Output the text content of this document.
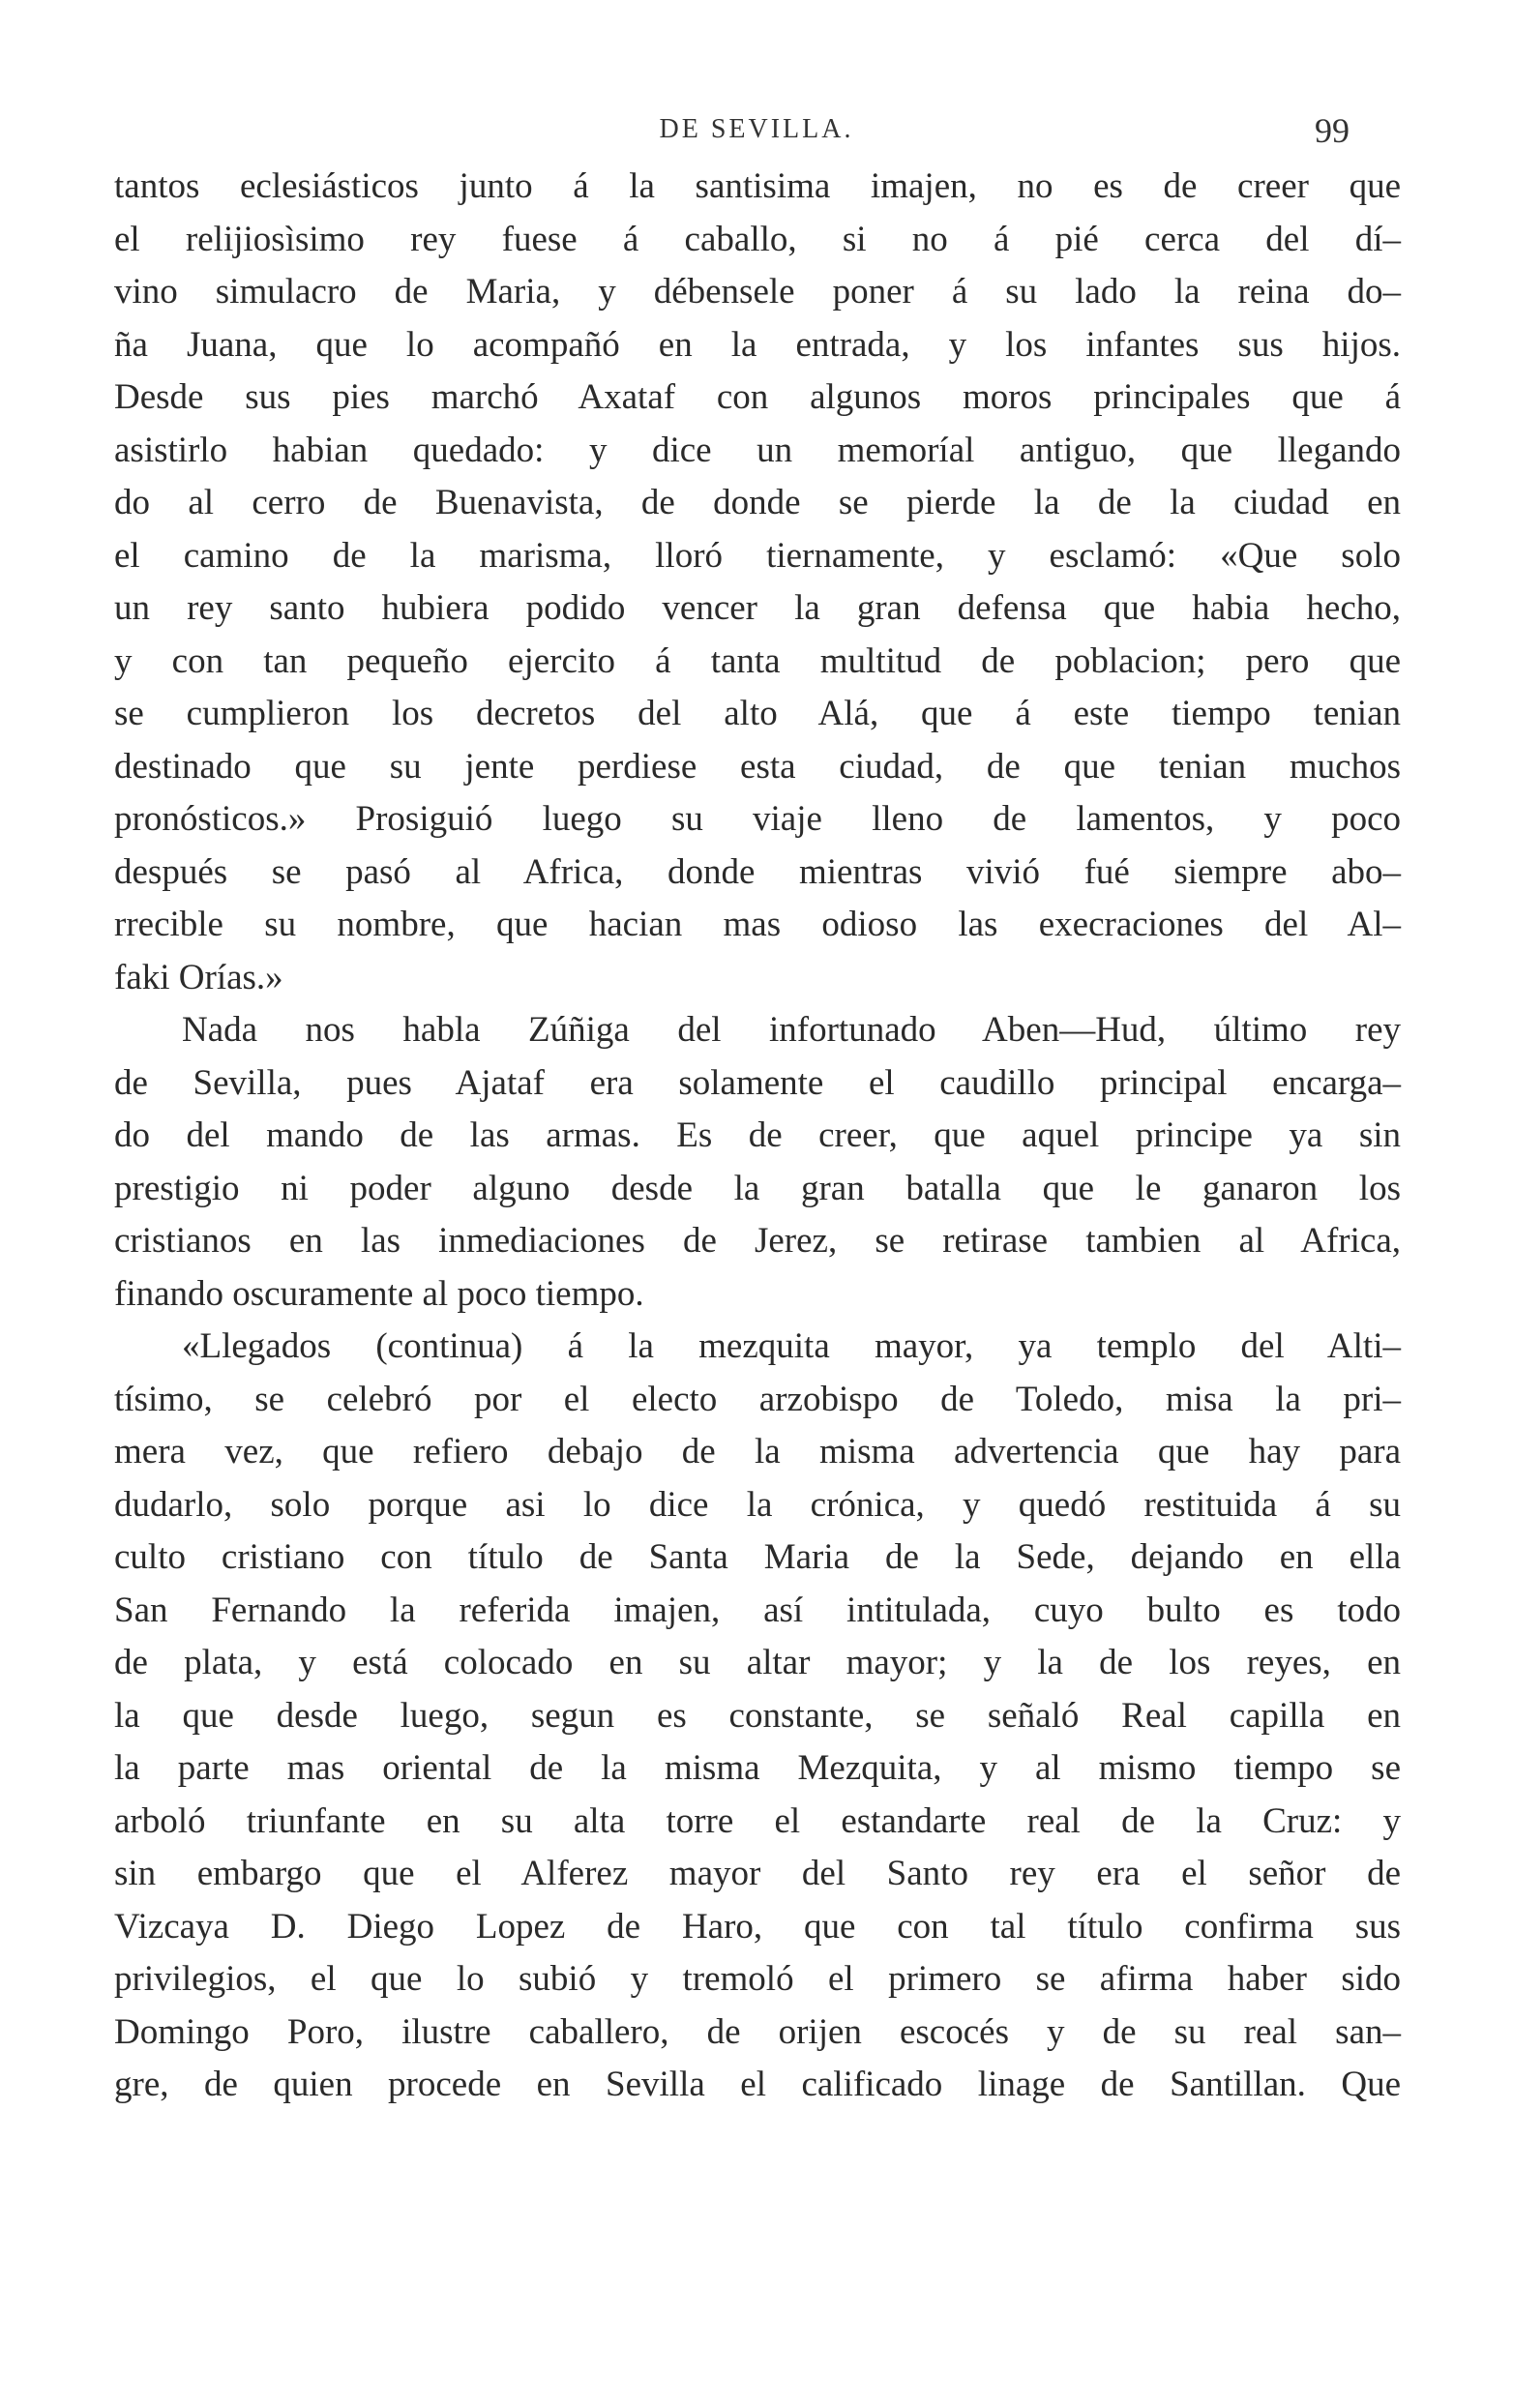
DE SEVILLA.	99
tantos eclesiásticos junto á la santisima imajen, no es de creer que
el relijiosìsimo rey fuese á caballo, si no á pié cerca del dí–
vino simulacro de Maria, y débensele poner á su lado la reina do–
ña Juana, que lo acompañó en la entrada, y los infantes sus hijos.
Desde sus pies marchó Axataf con algunos moros principales que á
asistirlo habian quedado: y dice un memoríal antiguo, que llegando
do al cerro de Buenavista, de donde se pierde la de la ciudad en
el camino de la marisma, lloró tiernamente, y esclamó: «Que solo
un rey santo hubiera podido vencer la gran defensa que habia hecho,
y con tan pequeño ejercito á tanta multitud de poblacion; pero que
se cumplieron los decretos del alto Alá, que á este tiempo tenian
destinado que su jente perdiese esta ciudad, de que tenian muchos
pronósticos.» Prosiguió luego su viaje lleno de lamentos, y poco
después se pasó al Africa, donde mientras vivió fué siempre abo–
rrecible su nombre, que hacian mas odioso las execraciones del Al–
faki Orías.»
Nada nos habla Zúñiga del infortunado Aben—Hud, último rey
de Sevilla, pues Ajataf era solamente el caudillo principal encarga–
do del mando de las armas. Es de creer, que aquel principe ya sin
prestigio ni poder alguno desde la gran batalla que le ganaron los
cristianos en las inmediaciones de Jerez, se retirase tambien al Africa,
finando oscuramente al poco tiempo.
«Llegados (continua) á la mezquita mayor, ya templo del Alti–
tísimo, se celebró por el electo arzobispo de Toledo, misa la pri–
mera vez, que refiero debajo de la misma advertencia que hay para
dudarlo, solo porque asi lo dice la crónica, y quedó restituida á su
culto cristiano con título de Santa Maria de la Sede, dejando en ella
San Fernando la referida imajen, así intitulada, cuyo bulto es todo
de plata, y está colocado en su altar mayor; y la de los reyes, en
la que desde luego, segun es constante, se señaló Real capilla en
la parte mas oriental de la misma Mezquita, y al mismo tiempo se
arboló triunfante en su alta torre el estandarte real de la Cruz: y
sin embargo que el Alferez mayor del Santo rey era el señor de
Vizcaya D. Diego Lopez de Haro, que con tal título confirma sus
privilegios, el que lo subió y tremoló el primero se afirma haber sido
Domingo Poro, ilustre caballero, de orijen escocés y de su real san–
gre, de quien procede en Sevilla el calificado linage de Santillan. Que
